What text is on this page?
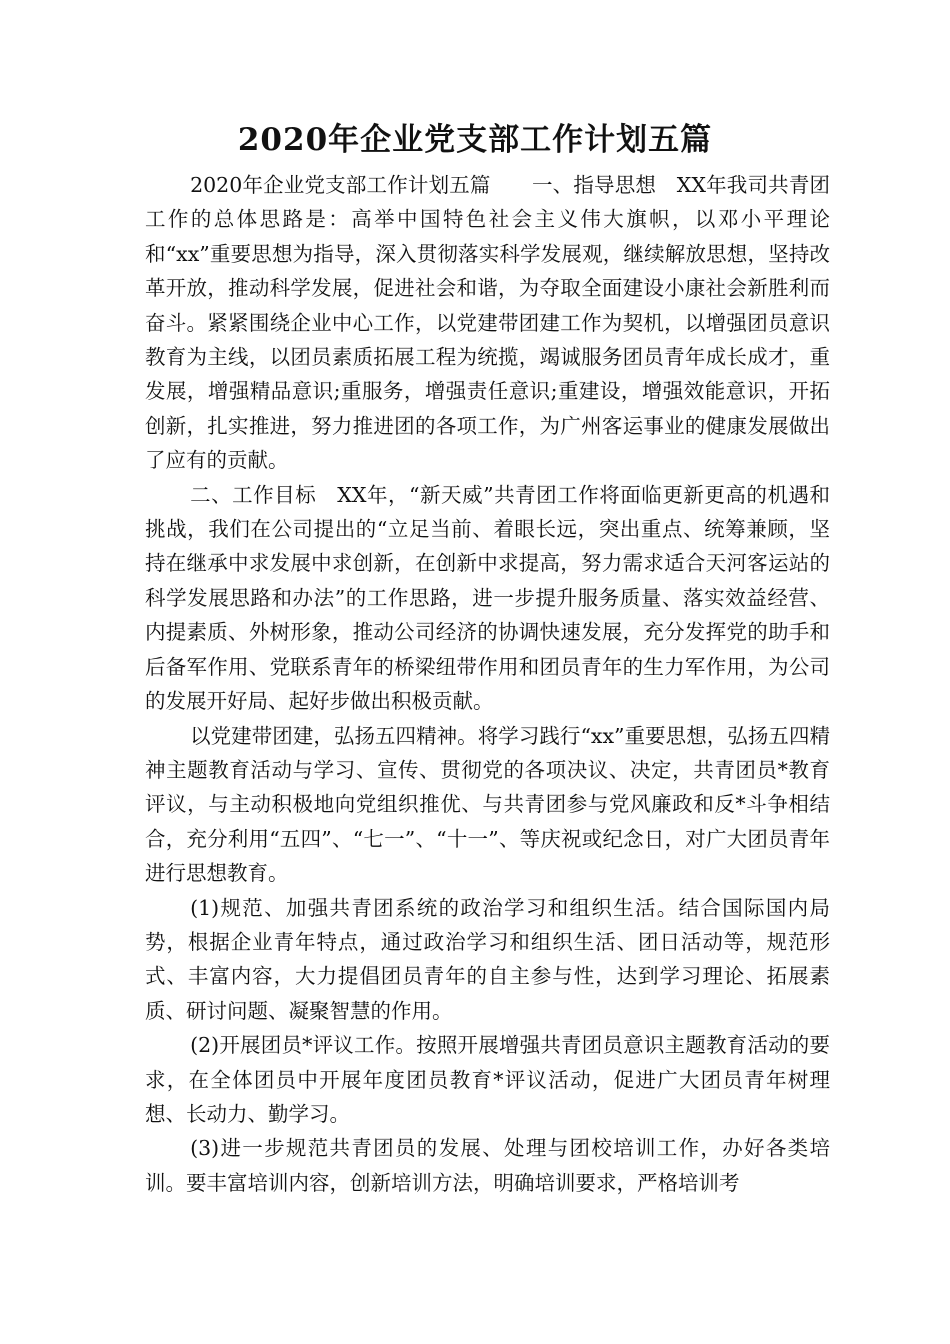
2020年企业党支部工作计划五篇

2020年企业党支部工作计划五篇　　一、指导思想　XX年我司共青团工作的总体思路是：高举中国特色社会主义伟大旗帜，以邓小平理论和“xx”重要思想为指导，深入贯彻落实科学发展观，继续解放思想，坚持改革开放，推动科学发展，促进社会和谐，为夺取全面建设小康社会新胜利而奋斗。紧紧围绕企业中心工作，以党建带团建工作为契机，以增强团员意识教育为主线，以团员素质拓展工程为统揽，竭诚服务团员青年成长成才，重发展，增强精品意识;重服务，增强责任意识;重建设，增强效能意识，开拓创新，扎实推进，努力推进团的各项工作，为广州客运事业的健康发展做出了应有的贡献。

二、工作目标　XX年，“新天威”共青团工作将面临更新更高的机遇和挑战，我们在公司提出的“立足当前、着眼长远，突出重点、统筹兼顾，坚持在继承中求发展中求创新，在创新中求提高，努力需求适合天河客运站的科学发展思路和办法”的工作思路，进一步提升服务质量、落实效益经营、内提素质、外树形象，推动公司经济的协调快速发展，充分发挥党的助手和后备军作用、党联系青年的桥梁纽带作用和团员青年的生力军作用，为公司的发展开好局、起好步做出积极贡献。

以党建带团建，弘扬五四精神。将学习践行“xx”重要思想，弘扬五四精神主题教育活动与学习、宣传、贯彻党的各项决议、决定，共青团员*教育评议，与主动积极地向党组织推优、与共青团参与党风廉政和反*斗争相结合，充分利用“五四”、“七一”、“十一”、等庆祝或纪念日，对广大团员青年进行思想教育。

(1)规范、加强共青团系统的政治学习和组织生活。结合国际国内局势，根据企业青年特点，通过政治学习和组织生活、团日活动等，规范形式、丰富内容，大力提倡团员青年的自主参与性，达到学习理论、拓展素质、研讨问题、凝聚智慧的作用。

(2)开展团员*评议工作。按照开展增强共青团员意识主题教育活动的要求，在全体团员中开展年度团员教育*评议活动，促进广大团员青年树理想、长动力、勤学习。

(3)进一步规范共青团员的发展、处理与团校培训工作，办好各类培训。要丰富培训内容，创新培训方法，明确培训要求，严格培训考
